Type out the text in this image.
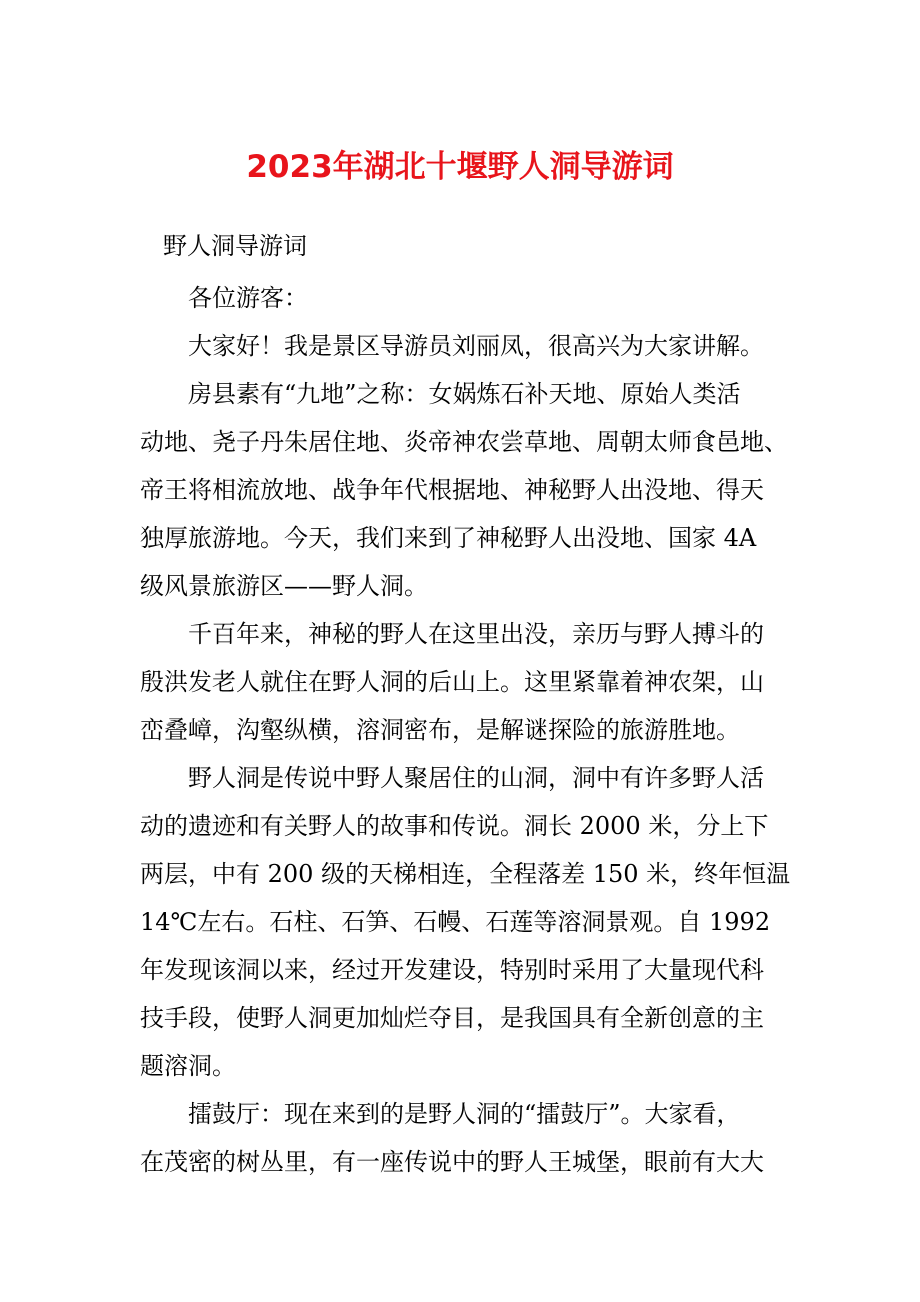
2023年湖北十堰野人洞导游词

野人洞导游词

各位游客：
大家好！我是景区导游员刘丽凤，很高兴为大家讲解。
房县素有“九地”之称：女娲炼石补天地、原始人类活
动地、尧子丹朱居住地、炎帝神农尝草地、周朝太师食邑地、
帝王将相流放地、战争年代根据地、神秘野人出没地、得天
独厚旅游地。今天，我们来到了神秘野人出没地、国家 4A
级风景旅游区——野人洞。
千百年来，神秘的野人在这里出没，亲历与野人搏斗的
殷洪发老人就住在野人洞的后山上。这里紧靠着神农架，山
峦叠嶂，沟壑纵横，溶洞密布，是解谜探险的旅游胜地。
野人洞是传说中野人聚居住的山洞，洞中有许多野人活
动的遗迹和有关野人的故事和传说。洞长 2000 米，分上下
两层，中有 200 级的天梯相连，全程落差 150 米，终年恒温
14℃左右。石柱、石笋、石幔、石莲等溶洞景观。自 1992
年发现该洞以来，经过开发建设，特别时采用了大量现代科
技手段，使野人洞更加灿烂夺目，是我国具有全新创意的主
题溶洞。
擂鼓厅：现在来到的是野人洞的“擂鼓厅”。大家看，
在茂密的树丛里，有一座传说中的野人王城堡，眼前有大大
